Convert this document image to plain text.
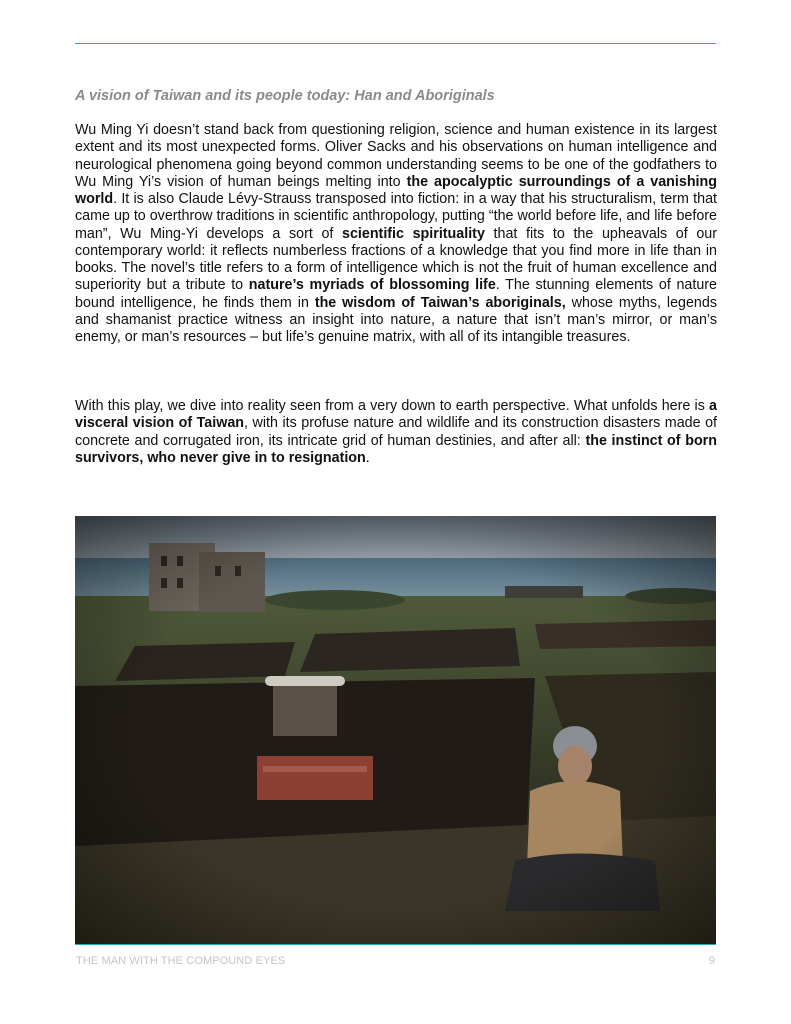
A vision of Taiwan and its people today: Han and Aboriginals

Wu Ming Yi doesn’t stand back from questioning religion, science and human existence in its largest extent and its most unexpected forms. Oliver Sacks and his observations on human intelligence and neurological phenomena going beyond common understanding seems to be one of the godfathers to Wu Ming Yi’s vision of human beings melting into the apocalyptic surroundings of a vanishing world. It is also Claude Lévy-Strauss transposed into fiction: in a way that his structuralism, term that came up to overthrow traditions in scientific anthropology, putting “the world before life, and life before man”, Wu Ming-Yi develops a sort of scientific spirituality that fits to the upheavals of our contemporary world: it reflects numberless fractions of a knowledge that you find more in life than in books. The novel’s title refers to a form of intelligence which is not the fruit of human excellence and superiority but a tribute to nature’s myriads of blossoming life. The stunning elements of nature bound intelligence, he finds them in the wisdom of Taiwan’s aboriginals, whose myths, legends and shamanist practice witness an insight into nature, a nature that isn’t man’s mirror, or man’s enemy, or man’s resources – but life’s genuine matrix, with all of its intangible treasures.

With this play, we dive into reality seen from a very down to earth perspective. What unfolds here is a visceral vision of Taiwan, with its profuse nature and wildlife and its construction disasters made of concrete and corrugated iron, its intricate grid of human destinies, and after all: the instinct of born survivors, who never give in to resignation.

THE MAN WITH THE COMPOUND EYES	9
